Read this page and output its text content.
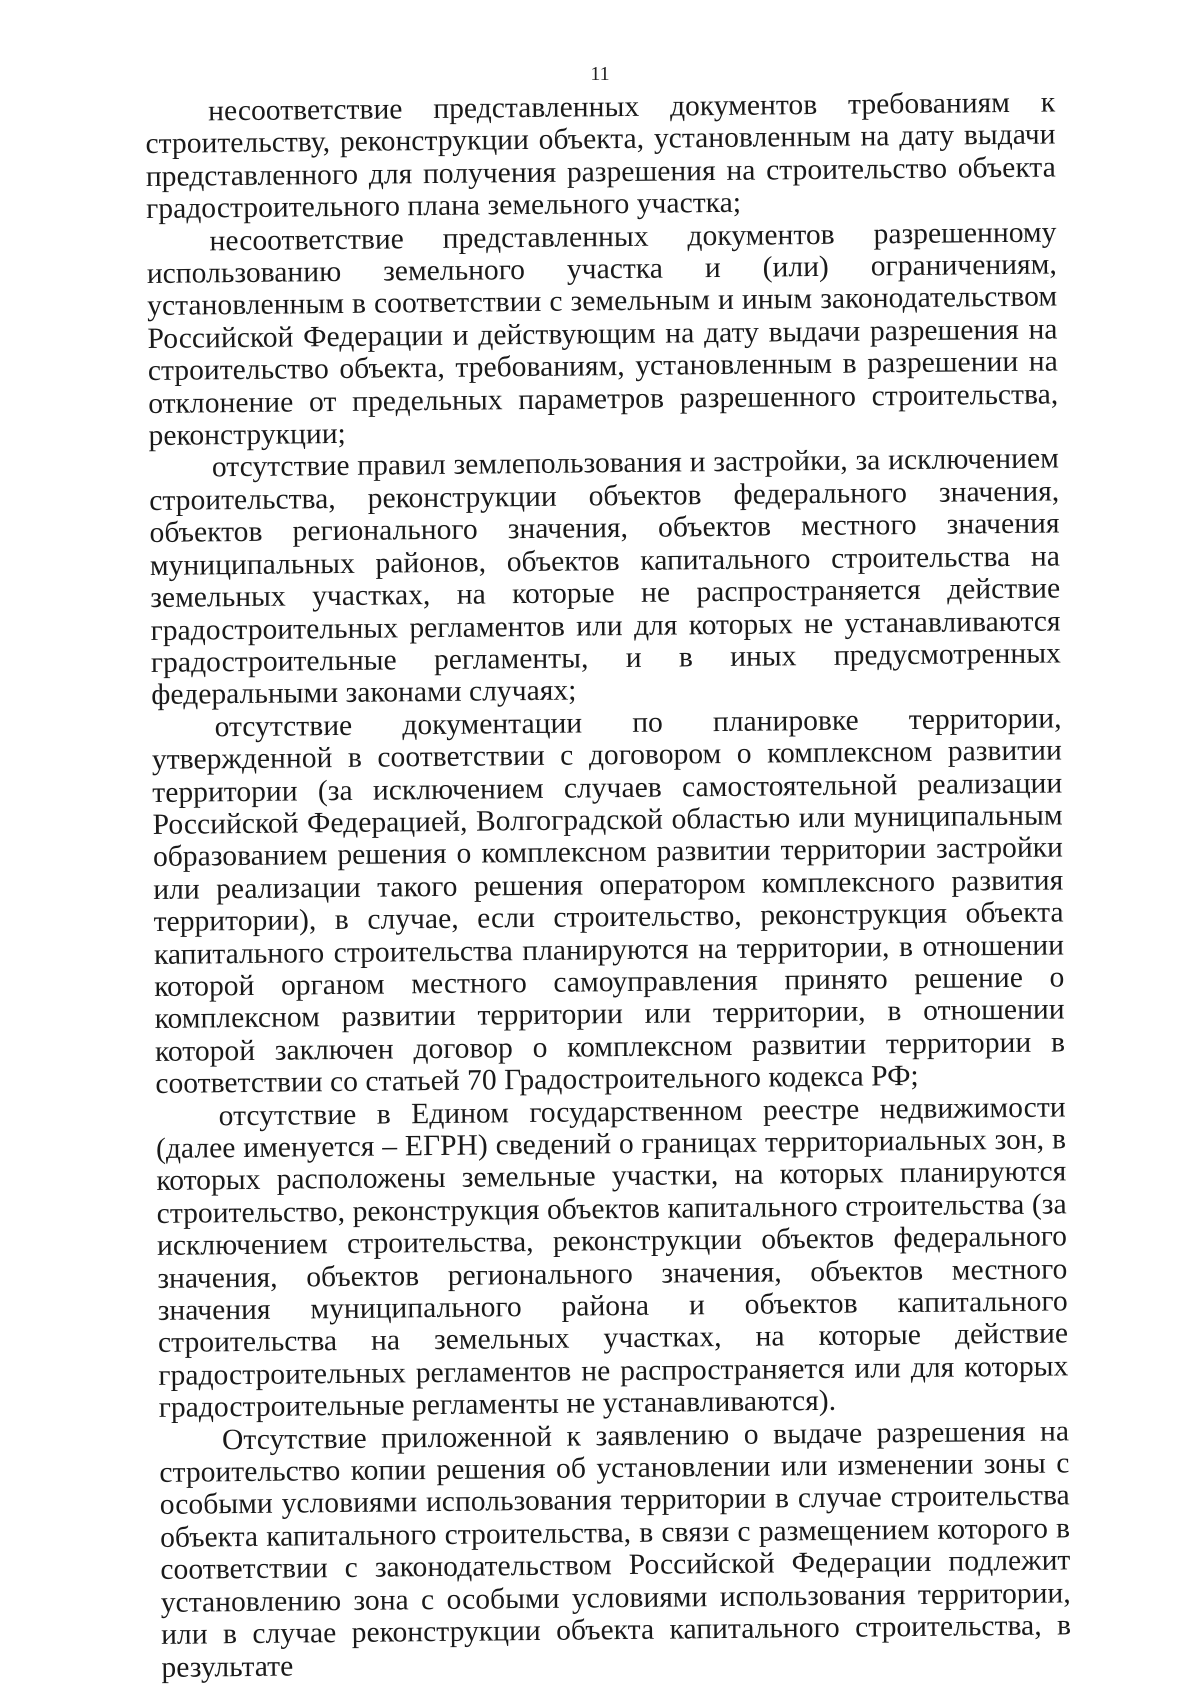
11

несоответствие представленных документов требованиям к строительству, реконструкции объекта, установленным на дату выдачи представленного для получения разрешения на строительство объекта градостроительного плана земельного участка;

несоответствие представленных документов разрешенному использованию земельного участка и (или) ограничениям, установленным в соответствии с земельным и иным законодательством Российской Федерации и действующим на дату выдачи разрешения на строительство объекта, требованиям, установленным в разрешении на отклонение от предельных параметров разрешенного строительства, реконструкции;

отсутствие правил землепользования и застройки, за исключением строительства, реконструкции объектов федерального значения, объектов регионального значения, объектов местного значения муниципальных районов, объектов капитального строительства на земельных участках, на которые не распространяется действие градостроительных регламентов или для которых не устанавливаются градостроительные регламенты, и в иных предусмотренных федеральными законами случаях;

отсутствие документации по планировке территории, утвержденной в соответствии с договором о комплексном развитии территории (за исключением случаев самостоятельной реализации Российской Федерацией, Волгоградской областью или муниципальным образованием решения о комплексном развитии территории застройки или реализации такого решения оператором комплексного развития территории), в случае, если строительство, реконструкция объекта капитального строительства планируются на территории, в отношении которой органом местного самоуправления принято решение о комплексном развитии территории или территории, в отношении которой заключен договор о комплексном развитии территории в соответствии со статьей 70 Градостроительного кодекса РФ;

отсутствие в Едином государственном реестре недвижимости (далее именуется – ЕГРН) сведений о границах территориальных зон, в которых расположены земельные участки, на которых планируются строительство, реконструкция объектов капитального строительства (за исключением строительства, реконструкции объектов федерального значения, объектов регионального значения, объектов местного значения муниципального района и объектов капитального строительства на земельных участках, на которые действие градостроительных регламентов не распространяется или для которых градостроительные регламенты не устанавливаются).

Отсутствие приложенной к заявлению о выдаче разрешения на строительство копии решения об установлении или изменении зоны с особыми условиями использования территории в случае строительства объекта капитального строительства, в связи с размещением которого в соответствии с законодательством Российской Федерации подлежит установлению зона с особыми условиями использования территории, или в случае реконструкции объекта капитального строительства, в результате
